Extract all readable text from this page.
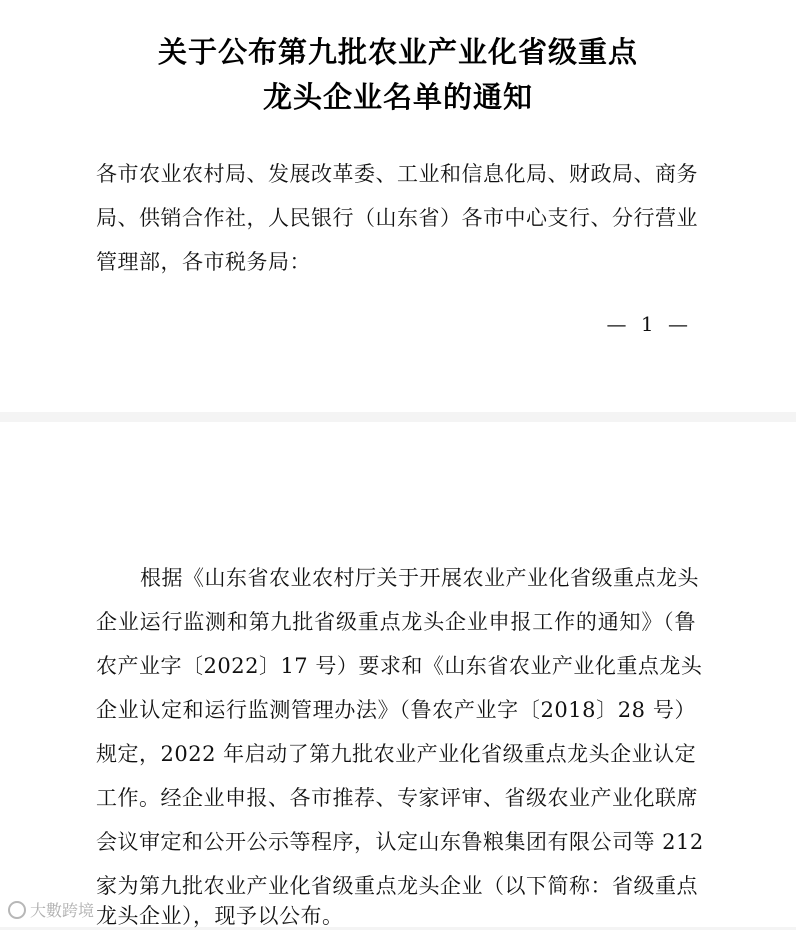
关于公布第九批农业产业化省级重点
龙头企业名单的通知
各市农业农村局、发展改革委、工业和信息化局、财政局、商务
局、供销合作社，人民银行（山东省）各市中心支行、分行营业
管理部，各市税务局：
— 1 —
根据《山东省农业农村厅关于开展农业产业化省级重点龙头
企业运行监测和第九批省级重点龙头企业申报工作的通知》（鲁
农产业字〔2022〕17 号）要求和《山东省农业产业化重点龙头
企业认定和运行监测管理办法》（鲁农产业字〔2018〕28 号）
规定，2022 年启动了第九批农业产业化省级重点龙头企业认定
工作。经企业申报、各市推荐、专家评审、省级农业产业化联席
会议审定和公开公示等程序，认定山东鲁粮集团有限公司等 212
家为第九批农业产业化省级重点龙头企业（以下简称：省级重点
龙头企业），现予以公布。
大數跨境
